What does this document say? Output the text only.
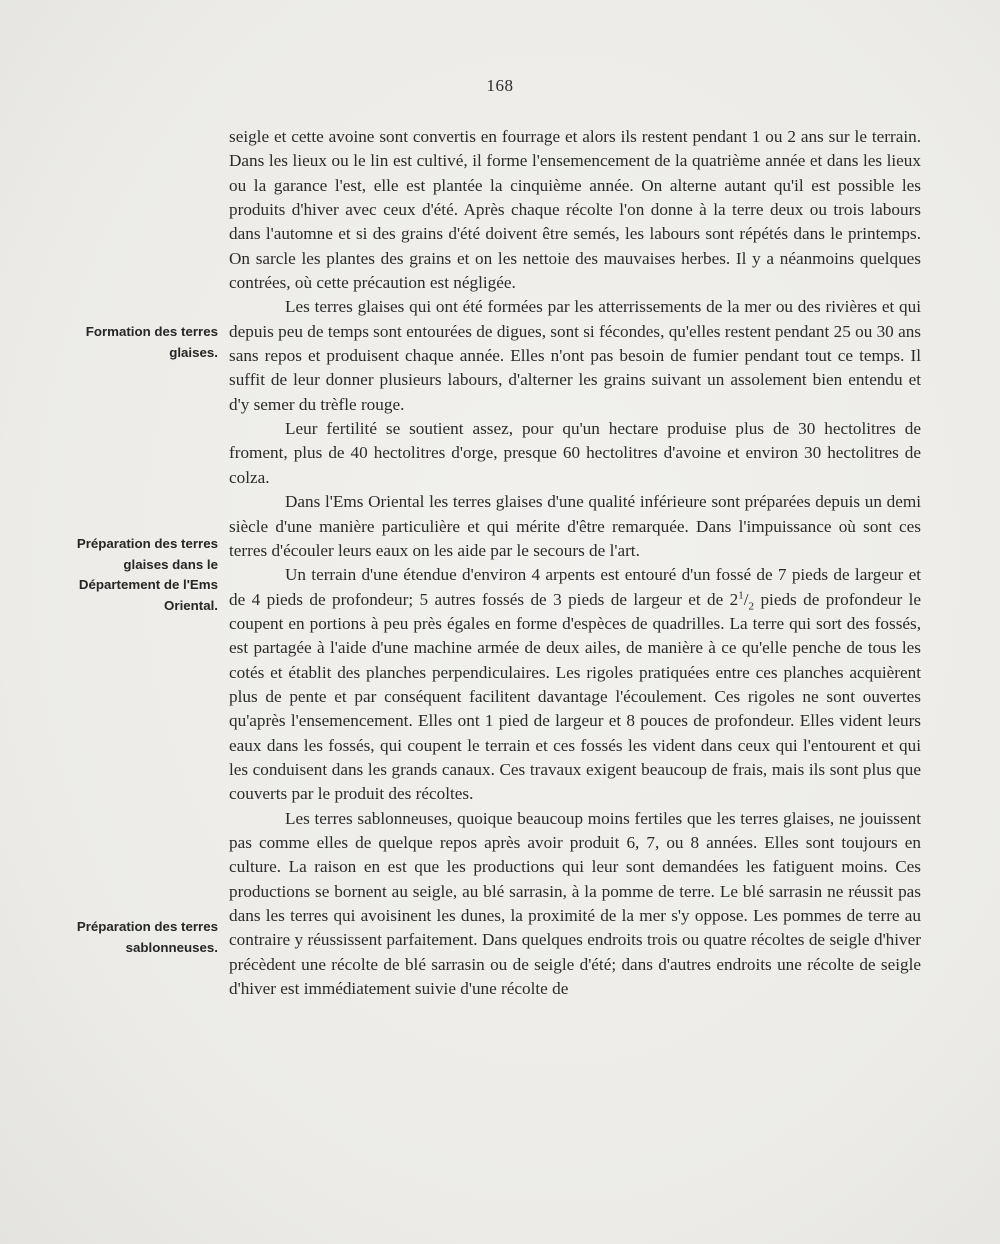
168
Formation des terres glaises.
Préparation des terres glaises dans le Département de l'Ems Oriental.
Préparation des terres sablonneuses.

seigle et cette avoine sont convertis en fourrage et alors ils restent pendant 1 ou 2 ans sur le terrain. Dans les lieux ou le lin est cultivé, il forme l'ensemencement de la quatrième année et dans les lieux ou la garance l'est, elle est plantée la cinquième année. On alterne autant qu'il est possible les produits d'hiver avec ceux d'été. Après chaque récolte l'on donne à la terre deux ou trois labours dans l'automne et si des grains d'été doivent être semés, les labours sont répétés dans le printemps. On sarcle les plantes des grains et on les nettoie des mauvaises herbes. Il y a néanmoins quelques contrées, où cette précaution est négligée.

Les terres glaises qui ont été formées par les atterrissements de la mer ou des rivières et qui depuis peu de temps sont entourées de digues, sont si fécondes, qu'elles restent pendant 25 ou 30 ans sans repos et produisent chaque année. Elles n'ont pas besoin de fumier pendant tout ce temps. Il suffit de leur donner plusieurs labours, d'alterner les grains suivant un assolement bien entendu et d'y semer du trèfle rouge.

Leur fertilité se soutient assez, pour qu'un hectare produise plus de 30 hectolitres de froment, plus de 40 hectolitres d'orge, presque 60 hectolitres d'avoine et environ 30 hectolitres de colza.

Dans l'Ems Oriental les terres glaises d'une qualité inférieure sont préparées depuis un demi siècle d'une manière particulière et qui mérite d'être remarquée. Dans l'impuissance où sont ces terres d'écouler leurs eaux on les aide par le secours de l'art.

Un terrain d'une étendue d'environ 4 arpents est entouré d'un fossé de 7 pieds de largeur et de 4 pieds de profondeur; 5 autres fossés de 3 pieds de largeur et de $2^1/_2$ pieds de profondeur le coupent en portions à peu près égales en forme d'espèces de quadrilles. La terre qui sort des fossés, est partagée à l'aide d'une machine armée de deux ailes, de manière à ce qu'elle penche de tous les cotés et établit des planches perpendiculaires. Les rigoles pratiquées entre ces planches acquièrent plus de pente et par conséquent facilitent davantage l'écoulement. Ces rigoles ne sont ouvertes qu'après l'ensemencement. Elles ont 1 pied de largeur et 8 pouces de profondeur. Elles vident leurs eaux dans les fossés, qui coupent le terrain et ces fossés les vident dans ceux qui l'entourent et qui les conduisent dans les grands canaux. Ces travaux exigent beaucoup de frais, mais ils sont plus que couverts par le produit des récoltes.

Les terres sablonneuses, quoique beaucoup moins fertiles que les terres glaises, ne jouissent pas comme elles de quelque repos après avoir produit 6, 7, ou 8 années. Elles sont toujours en culture. La raison en est que les productions qui leur sont demandées les fatiguent moins. Ces productions se bornent au seigle, au blé sarrasin, à la pomme de terre. Le blé sarrasin ne réussit pas dans les terres qui avoisinent les dunes, la proximité de la mer s'y oppose. Les pommes de terre au contraire y réussissent parfaitement. Dans quelques endroits trois ou quatre récoltes de seigle d'hiver précèdent une récolte de blé sarrasin ou de seigle d'été; dans d'autres endroits une récolte de seigle d'hiver est immédiatement suivie d'une récolte de
